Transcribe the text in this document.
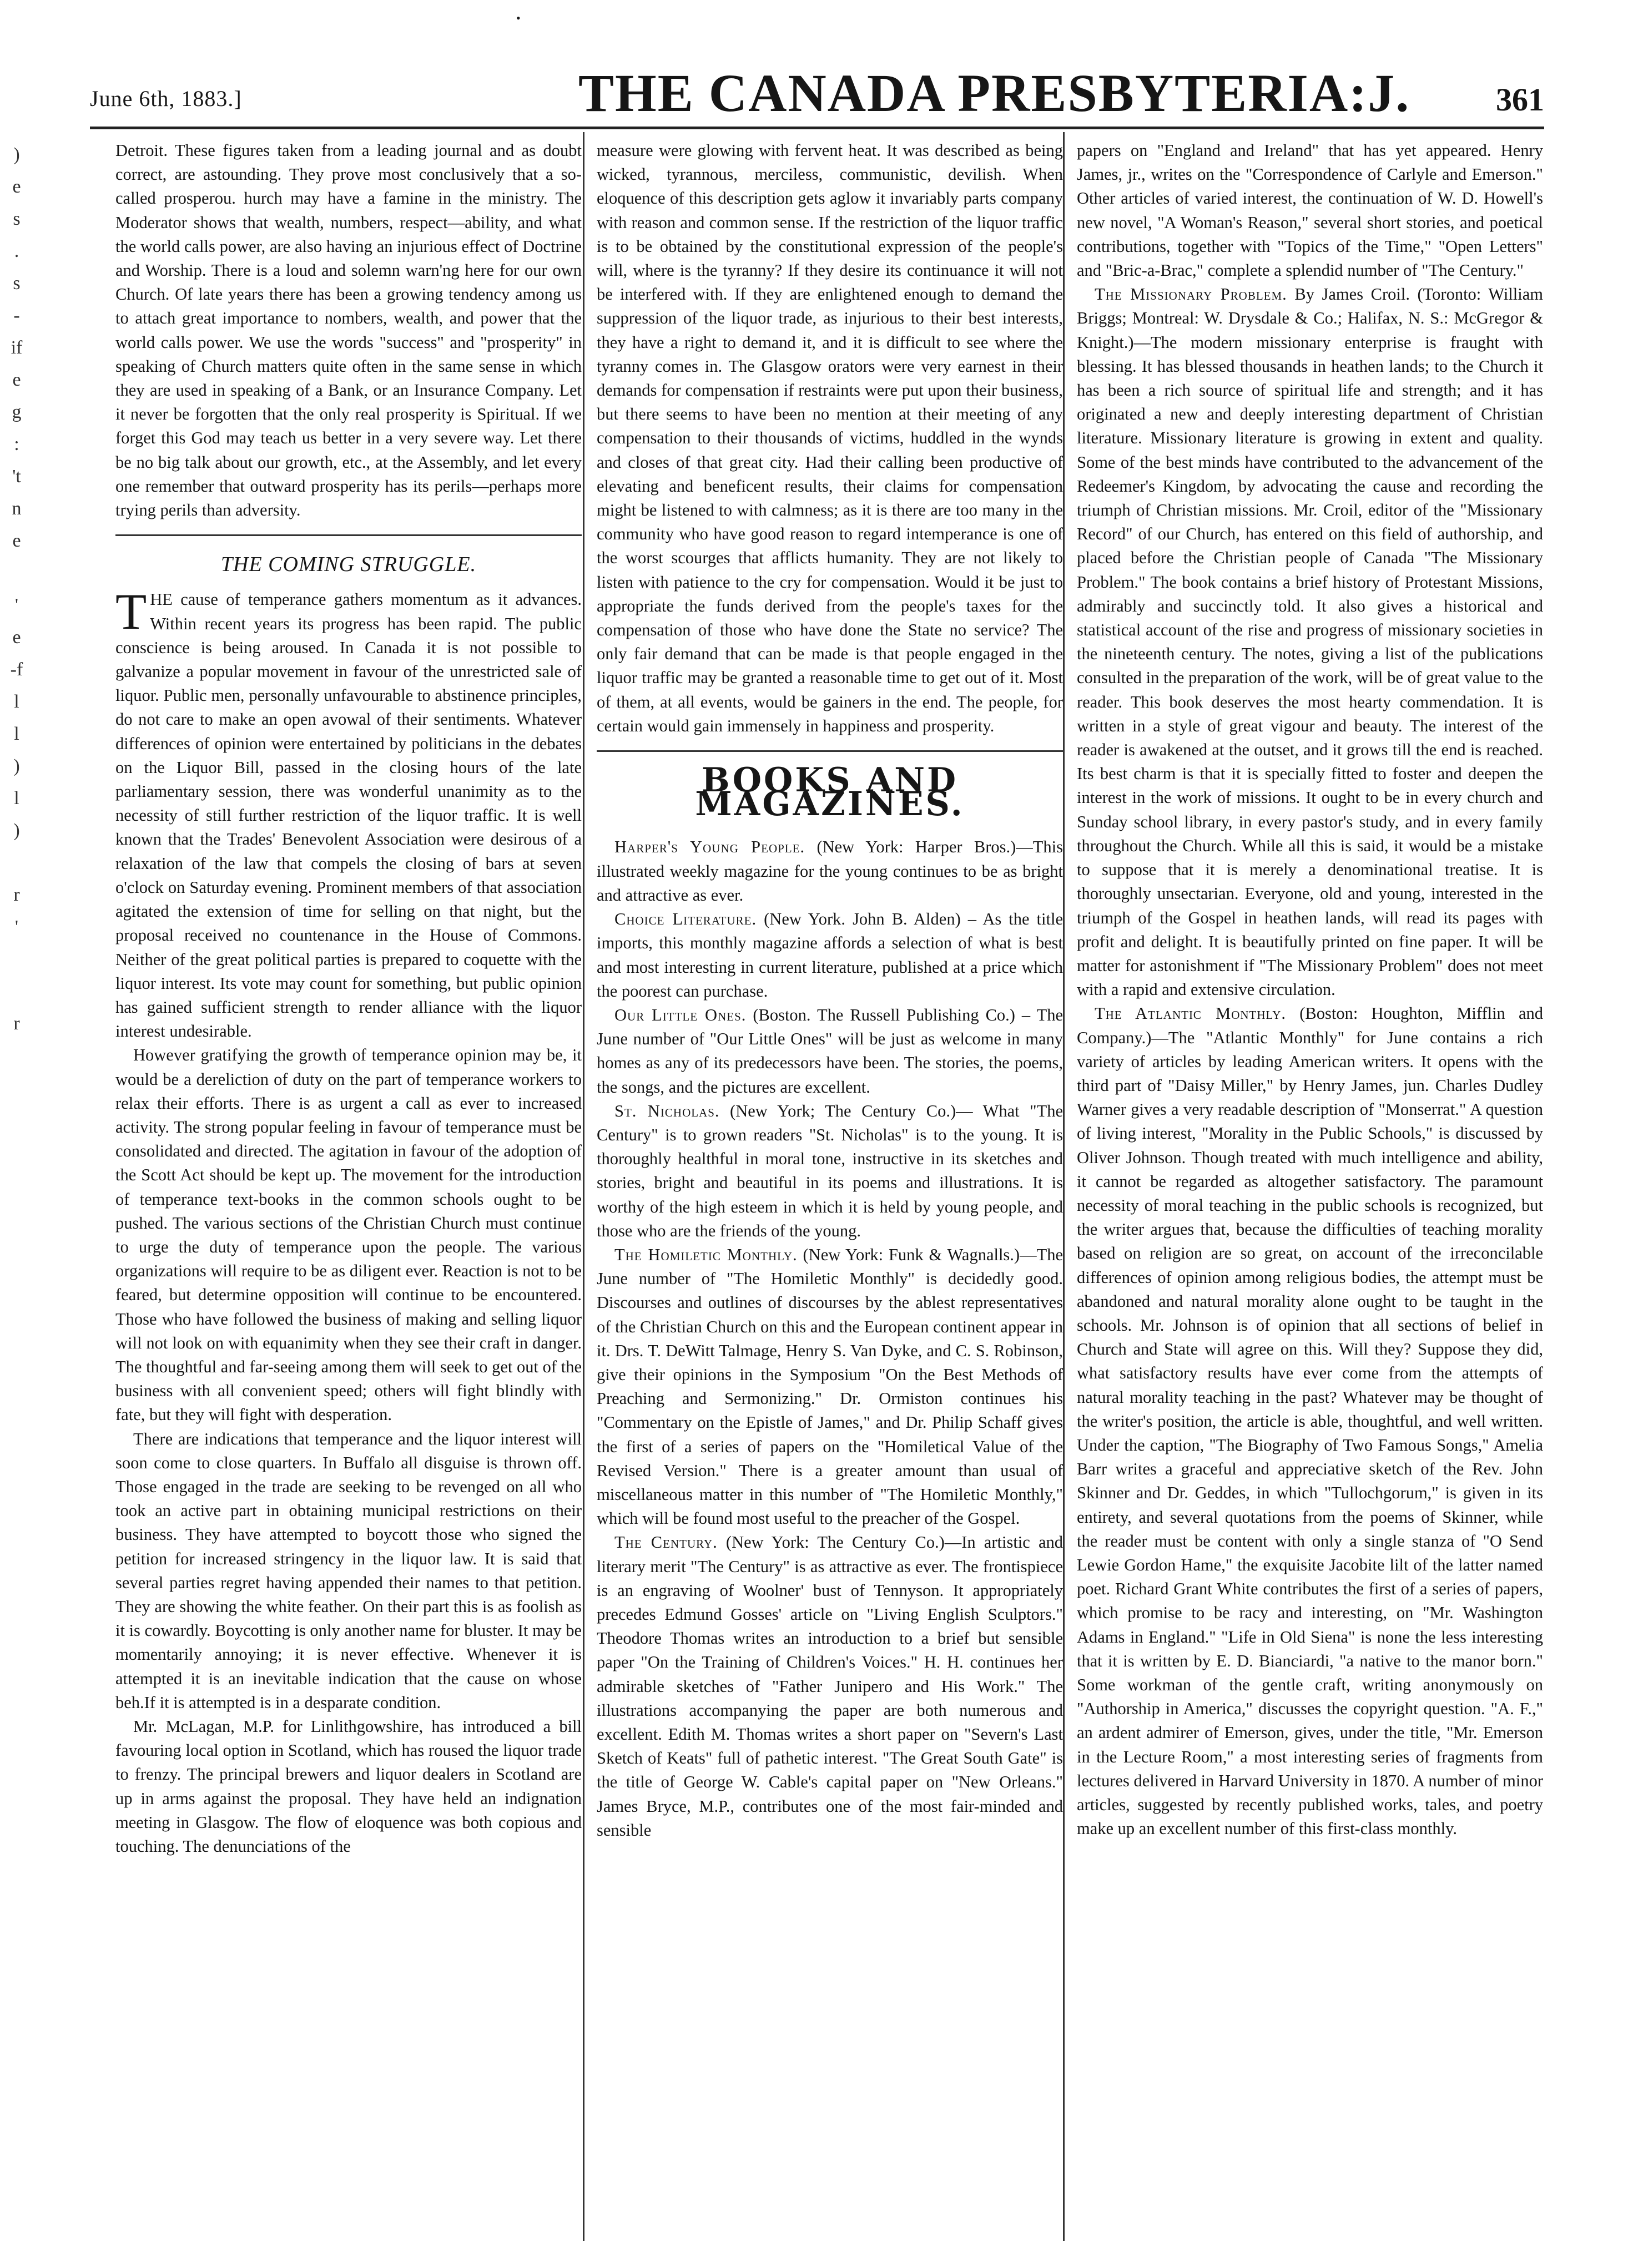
•
)
e
s
.
s
-
if
e
g
:
't
n
e

'
e
-f
l
l
)
l
)

r
'

r
June 6th, 1883.]	THE CANADA PRESBYTERIA:J.	361

Detroit. These figures taken from a leading journal and as doubt correct, are astounding. They prove most conclusively that a so-called prosperou. hurch may have a famine in the ministry. The Moderator shows that wealth, numbers, respect—ability, and what the world calls power, are also having an injurious effect of Doctrine and Worship. There is a loud and solemn warn'ng here for our own Church. Of late years there has been a growing tendency among us to attach great importance to nombers, wealth, and power that the world calls power. We use the words "success" and "prosperity" in speaking of Church matters quite often in the same sense in which they are used in speaking of a Bank, or an Insurance Company. Let it never be forgotten that the only real prosperity is Spiritual. If we forget this God may teach us better in a very severe way. Let there be no big talk about our growth, etc., at the Assembly, and let every one remember that outward prosperity has its perils—perhaps more trying perils than adversity.

THE COMING STRUGGLE.

THE cause of temperance gathers momentum as it advances. Within recent years its progress has been rapid. The public conscience is being aroused. In Canada it is not possible to galvanize a popular movement in favour of the unrestricted sale of liquor. Public men, personally unfavourable to abstinence principles, do not care to make an open avowal of their sentiments. Whatever differences of opinion were entertained by politicians in the debates on the Liquor Bill, passed in the closing hours of the late parliamentary session, there was wonderful unanimity as to the necessity of still further restriction of the liquor traffic. It is well known that the Trades' Benevolent Association were desirous of a relaxation of the law that compels the closing of bars at seven o'clock on Saturday evening. Prominent members of that association agitated the extension of time for selling on that night, but the proposal received no countenance in the House of Commons. Neither of the great political parties is prepared to coquette with the liquor interest. Its vote may count for something, but public opinion has gained sufficient strength to render alliance with the liquor interest undesirable.

However gratifying the growth of temperance opinion may be, it would be a dereliction of duty on the part of temperance workers to relax their efforts. There is as urgent a call as ever to increased activity. The strong popular feeling in favour of temperance must be consolidated and directed. The agitation in favour of the adoption of the Scott Act should be kept up. The movement for the introduction of temperance text-books in the common schools ought to be pushed. The various sections of the Christian Church must continue to urge the duty of temperance upon the people. The various organizations will require to be as diligent ever. Reaction is not to be feared, but determine opposition will continue to be encountered. Those who have followed the business of making and selling liquor will not look on with equanimity when they see their craft in danger. The thoughtful and far-seeing among them will seek to get out of the business with all convenient speed; others will fight blindly with fate, but they will fight with desperation.

There are indications that temperance and the liquor interest will soon come to close quarters. In Buffalo all disguise is thrown off. Those engaged in the trade are seeking to be revenged on all who took an active part in obtaining municipal restrictions on their business. They have attempted to boycott those who signed the petition for increased stringency in the liquor law. It is said that several parties regret having appended their names to that petition. They are showing the white feather. On their part this is as foolish as it is cowardly. Boycotting is only another name for bluster. It may be momentarily annoying; it is never effective. Whenever it is attempted it is an inevitable indication that the cause on whose beh.If it is attempted is in a desparate condition.

Mr. McLagan, M.P. for Linlithgowshire, has introduced a bill favouring local option in Scotland, which has roused the liquor trade to frenzy. The principal brewers and liquor dealers in Scotland are up in arms against the proposal. They have held an indignation meeting in Glasgow. The flow of eloquence was both copious and touching. The denunciations of the

measure were glowing with fervent heat. It was described as being wicked, tyrannous, merciless, communistic, devilish. When eloquence of this description gets aglow it invariably parts company with reason and common sense. If the restriction of the liquor traffic is to be obtained by the constitutional expression of the people's will, where is the tyranny? If they desire its continuance it will not be interfered with. If they are enlightened enough to demand the suppression of the liquor trade, as injurious to their best interests, they have a right to demand it, and it is difficult to see where the tyranny comes in. The Glasgow orators were very earnest in their demands for compensation if restraints were put upon their business, but there seems to have been no mention at their meeting of any compensation to their thousands of victims, huddled in the wynds and closes of that great city. Had their calling been productive of elevating and beneficent results, their claims for compensation might be listened to with calmness; as it is there are too many in the community who have good reason to regard intemperance is one of the worst scourges that afflicts humanity. They are not likely to listen with patience to the cry for compensation. Would it be just to appropriate the funds derived from the people's taxes for the compensation of those who have done the State no service? The only fair demand that can be made is that people engaged in the liquor traffic may be granted a reasonable time to get out of it. Most of them, at all events, would be gainers in the end. The people, for certain would gain immensely in happiness and prosperity.

BOOKS AND MAGAZINES.

Harper's Young People. (New York: Harper Bros.)—This illustrated weekly magazine for the young continues to be as bright and attractive as ever.

Choice Literature. (New York. John B. Alden) – As the title imports, this monthly magazine affords a selection of what is best and most interesting in current literature, published at a price which the poorest can purchase.

Our Little Ones. (Boston. The Russell Publishing Co.) – The June number of "Our Little Ones" will be just as welcome in many homes as any of its predecessors have been. The stories, the poems, the songs, and the pictures are excellent.

St. Nicholas. (New York; The Century Co.)— What "The Century" is to grown readers "St. Nicholas" is to the young. It is thoroughly healthful in moral tone, instructive in its sketches and stories, bright and beautiful in its poems and illustrations. It is worthy of the high esteem in which it is held by young people, and those who are the friends of the young.

The Homiletic Monthly. (New York: Funk & Wagnalls.)—The June number of "The Homiletic Monthly" is decidedly good. Discourses and outlines of discourses by the ablest representatives of the Christian Church on this and the European continent appear in it. Drs. T. DeWitt Talmage, Henry S. Van Dyke, and C. S. Robinson, give their opinions in the Symposium "On the Best Methods of Preaching and Sermonizing." Dr. Ormiston continues his "Commentary on the Epistle of James," and Dr. Philip Schaff gives the first of a series of papers on the "Homiletical Value of the Revised Version." There is a greater amount than usual of miscellaneous matter in this number of "The Homiletic Monthly," which will be found most useful to the preacher of the Gospel.

The Century. (New York: The Century Co.)—In artistic and literary merit "The Century" is as attractive as ever. The frontispiece is an engraving of Woolner' bust of Tennyson. It appropriately precedes Edmund Gosses' article on "Living English Sculptors." Theodore Thomas writes an introduction to a brief but sensible paper "On the Training of Children's Voices." H. H. continues her admirable sketches of "Father Junipero and His Work." The illustrations accompanying the paper are both numerous and excellent. Edith M. Thomas writes a short paper on "Severn's Last Sketch of Keats" full of pathetic interest. "The Great South Gate" is the title of George W. Cable's capital paper on "New Orleans." James Bryce, M.P., contributes one of the most fair-minded and sensible

papers on "England and Ireland" that has yet appeared. Henry James, jr., writes on the "Correspondence of Carlyle and Emerson." Other articles of varied interest, the continuation of W. D. Howell's new novel, "A Woman's Reason," several short stories, and poetical contributions, together with "Topics of the Time," "Open Letters" and "Bric-a-Brac," complete a splendid number of "The Century."

The Missionary Problem. By James Croil. (Toronto: William Briggs; Montreal: W. Drysdale & Co.; Halifax, N. S.: McGregor & Knight.)—The modern missionary enterprise is fraught with blessing. It has blessed thousands in heathen lands; to the Church it has been a rich source of spiritual life and strength; and it has originated a new and deeply interesting department of Christian literature. Missionary literature is growing in extent and quality. Some of the best minds have contributed to the advancement of the Redeemer's Kingdom, by advocating the cause and recording the triumph of Christian missions. Mr. Croil, editor of the "Missionary Record" of our Church, has entered on this field of authorship, and placed before the Christian people of Canada "The Missionary Problem." The book contains a brief history of Protestant Missions, admirably and succinctly told. It also gives a historical and statistical account of the rise and progress of missionary societies in the nineteenth century. The notes, giving a list of the publications consulted in the preparation of the work, will be of great value to the reader. This book deserves the most hearty commendation. It is written in a style of great vigour and beauty. The interest of the reader is awakened at the outset, and it grows till the end is reached. Its best charm is that it is specially fitted to foster and deepen the interest in the work of missions. It ought to be in every church and Sunday school library, in every pastor's study, and in every family throughout the Church. While all this is said, it would be a mistake to suppose that it is merely a denominational treatise. It is thoroughly unsectarian. Everyone, old and young, interested in the triumph of the Gospel in heathen lands, will read its pages with profit and delight. It is beautifully printed on fine paper. It will be matter for astonishment if "The Missionary Problem" does not meet with a rapid and extensive circulation.

The Atlantic Monthly. (Boston: Houghton, Mifflin and Company.)—The "Atlantic Monthly" for June contains a rich variety of articles by leading American writers. It opens with the third part of "Daisy Miller," by Henry James, jun. Charles Dudley Warner gives a very readable description of "Monserrat." A question of living interest, "Morality in the Public Schools," is discussed by Oliver Johnson. Though treated with much intelligence and ability, it cannot be regarded as altogether satisfactory. The paramount necessity of moral teaching in the public schools is recognized, but the writer argues that, because the difficulties of teaching morality based on religion are so great, on account of the irreconcilable differences of opinion among religious bodies, the attempt must be abandoned and natural morality alone ought to be taught in the schools. Mr. Johnson is of opinion that all sections of belief in Church and State will agree on this. Will they? Suppose they did, what satisfactory results have ever come from the attempts of natural morality teaching in the past? Whatever may be thought of the writer's position, the article is able, thoughtful, and well written. Under the caption, "The Biography of Two Famous Songs," Amelia Barr writes a graceful and appreciative sketch of the Rev. John Skinner and Dr. Geddes, in which "Tullochgorum," is given in its entirety, and several quotations from the poems of Skinner, while the reader must be content with only a single stanza of "O Send Lewie Gordon Hame," the exquisite Jacobite lilt of the latter named poet. Richard Grant White contributes the first of a series of papers, which promise to be racy and interesting, on "Mr. Washington Adams in England." "Life in Old Siena" is none the less interesting that it is written by E. D. Bianciardi, "a native to the manor born." Some workman of the gentle craft, writing anonymously on "Authorship in America," discusses the copyright question. "A. F.," an ardent admirer of Emerson, gives, under the title, "Mr. Emerson in the Lecture Room," a most interesting series of fragments from lectures delivered in Harvard University in 1870. A number of minor articles, suggested by recently published works, tales, and poetry make up an excellent number of this first-class monthly.
